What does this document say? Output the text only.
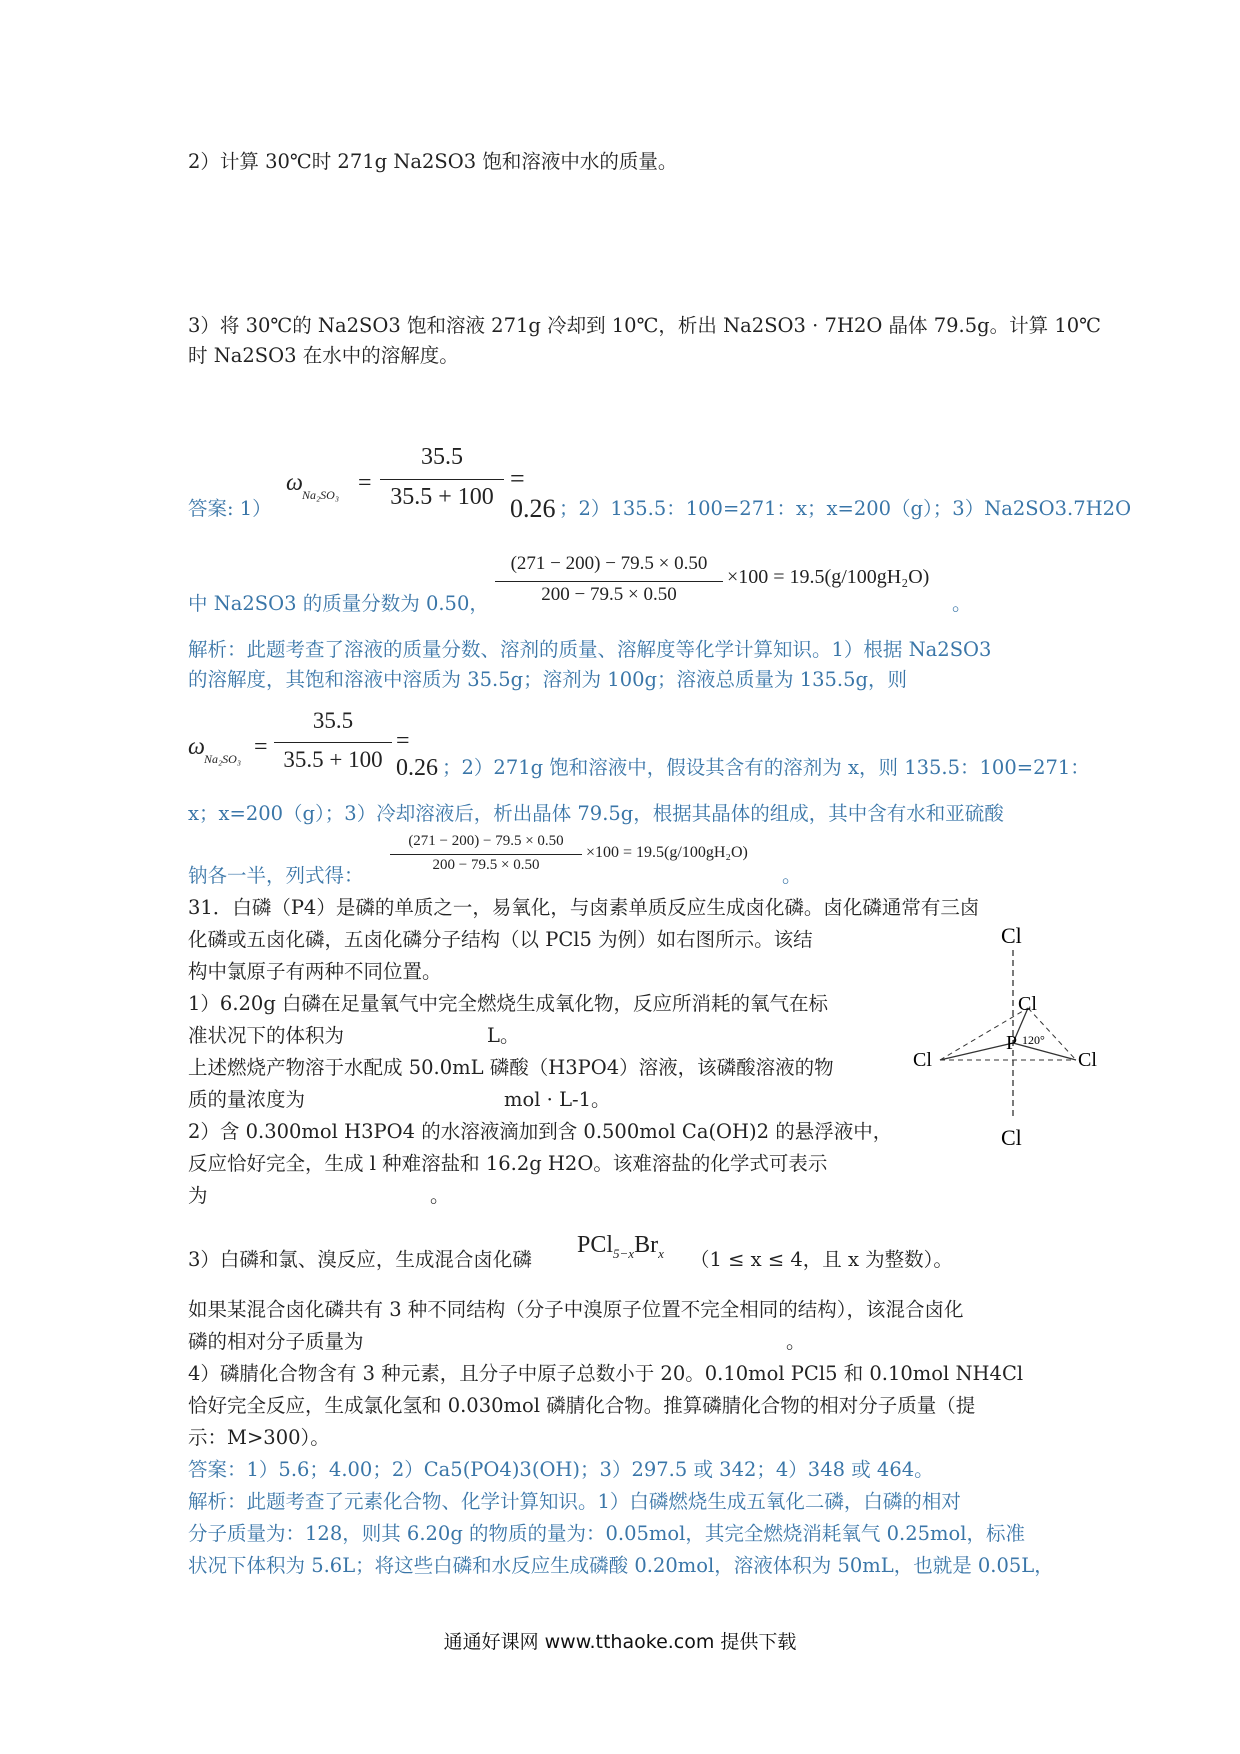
2）计算 30℃时 271g Na2SO3 饱和溶液中水的质量。
3）将 30℃的 Na2SO3 饱和溶液 271g 冷却到 10℃，析出 Na2SO3 · 7H2O 晶体 79.5g。计算 10℃
时 Na2SO3 在水中的溶解度。
答案: 1）
ω Na₂SO₃ =
35.5
35.5 + 100
= 0.26 ；2）135.5：100=271：x；x=200（g）；3）Na2SO3.7H2O
(271 − 200) − 79.5 × 0.50
200 − 79.5 × 0.50
×100 = 19.5(g/100gH₂O)
中 Na2SO3 的质量分数为 0.50，	。
解析：此题考查了溶液的质量分数、溶剂的质量、溶解度等化学计算知识。1）根据 Na2SO3
的溶解度，其饱和溶液中溶质为 35.5g；溶剂为 100g；溶液总质量为 135.5g，则
ω Na₂SO₃ =
35.5
35.5 + 100
= 0.26 ；2）271g 饱和溶液中，假设其含有的溶剂为 x，则 135.5：100=271：
x；x=200（g）；3）冷却溶液后，析出晶体 79.5g，根据其晶体的组成，其中含有水和亚硫酸
(271 − 200) − 79.5 × 0.50
200 − 79.5 × 0.50
×100 = 19.5(g/100gH₂O)
钠各一半，列式得：	。
31．白磷（P4）是磷的单质之一，易氧化，与卤素单质反应生成卤化磷。卤化磷通常有三卤
化磷或五卤化磷，五卤化磷分子结构（以 PCl5 为例）如右图所示。该结
构中氯原子有两种不同位置。
1）6.20g 白磷在足量氧气中完全燃烧生成氧化物，反应所消耗的氧气在标
准状况下的体积为	L。
上述燃烧产物溶于水配成 50.0mL 磷酸（H3PO4）溶液，该磷酸溶液的物
质的量浓度为	mol · L-1。
2）含 0.300mol H3PO4 的水溶液滴加到含 0.500mol Ca(OH)2 的悬浮液中，
反应恰好完全，生成 l 种难溶盐和 16.2g H2O。该难溶盐的化学式可表示
为	。
Cl
Cl
P 120°
Cl	Cl
Cl
3）白磷和氯、溴反应，生成混合卤化磷
$PCl_{5-x}Br_x$	（1 ≤ x ≤ 4，且 x 为整数）。
如果某混合卤化磷共有 3 种不同结构（分子中溴原子位置不完全相同的结构），该混合卤化
磷的相对分子质量为	。
4）磷腈化合物含有 3 种元素，且分子中原子总数小于 20。0.10mol PCl5 和 0.10mol NH4Cl
恰好完全反应，生成氯化氢和 0.030mol 磷腈化合物。推算磷腈化合物的相对分子质量（提
示：M>300）。
答案：1）5.6；4.00；2）Ca5(PO4)3(OH)；3）297.5 或 342；4）348 或 464。
解析：此题考查了元素化合物、化学计算知识。1）白磷燃烧生成五氧化二磷，白磷的相对
分子质量为：128，则其 6.20g 的物质的量为：0.05mol，其完全燃烧消耗氧气 0.25mol，标准
状况下体积为 5.6L；将这些白磷和水反应生成磷酸 0.20mol，溶液体积为 50mL，也就是 0.05L，
通通好课网 www.tthaoke.com 提供下载
